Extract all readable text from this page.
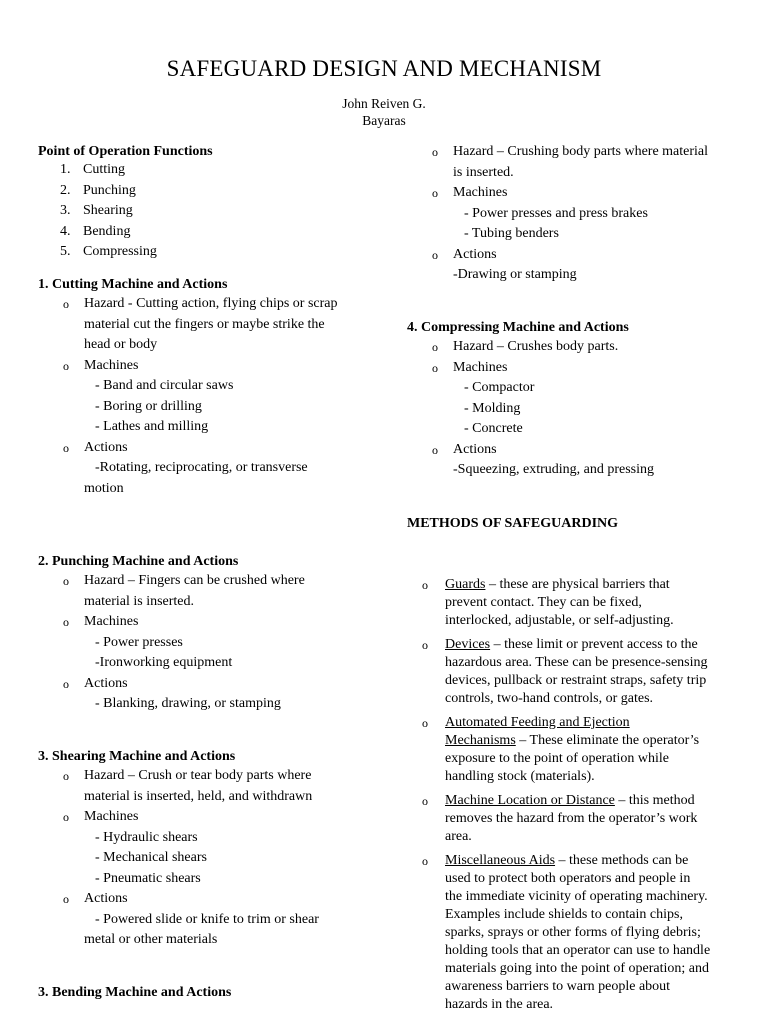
SAFEGUARD DESIGN AND MECHANISM
John Reiven G.
Bayaras
Point of Operation Functions
1. Cutting
2. Punching
3. Shearing
4. Bending
5. Compressing
1. Cutting Machine and Actions
o Hazard - Cutting action, flying chips or scrap
material cut the fingers or maybe strike the
head or body
o Machines
- Band and circular saws
- Boring or drilling
- Lathes and milling
o Actions
-Rotating, reciprocating, or transverse
motion
2. Punching Machine and Actions
o Hazard – Fingers can be crushed where
material is inserted.
o Machines
- Power presses
-Ironworking equipment
o Actions
- Blanking, drawing, or stamping
3. Shearing Machine and Actions
o Hazard – Crush or tear body parts where
material is inserted, held, and withdrawn
o Machines
- Hydraulic shears
- Mechanical shears
- Pneumatic shears
o Actions
- Powered slide or knife to trim or shear
metal or other materials
3. Bending Machine and Actions
o Hazard – Crushing body parts where material
is inserted.
o Machines
- Power presses and press brakes
- Tubing benders
o Actions
-Drawing or stamping
4. Compressing Machine and Actions
o Hazard – Crushes body parts.
o Machines
- Compactor
- Molding
- Concrete
o Actions
-Squeezing, extruding, and pressing
METHODS OF SAFEGUARDING
o Guards – these are physical barriers that
prevent contact. They can be fixed,
interlocked, adjustable, or self-adjusting.
o Devices – these limit or prevent access to the
hazardous area. These can be presence-sensing
devices, pullback or restraint straps, safety trip
controls, two-hand controls, or gates.
o Automated Feeding and Ejection
Mechanisms – These eliminate the operator’s
exposure to the point of operation while
handling stock (materials).
o Machine Location or Distance – this method
removes the hazard from the operator’s work
area.
o Miscellaneous Aids – these methods can be
used to protect both operators and people in
the immediate vicinity of operating machinery.
Examples include shields to contain chips,
sparks, sprays or other forms of flying debris;
holding tools that an operator can use to handle
materials going into the point of operation; and
awareness barriers to warn people about
hazards in the area.
